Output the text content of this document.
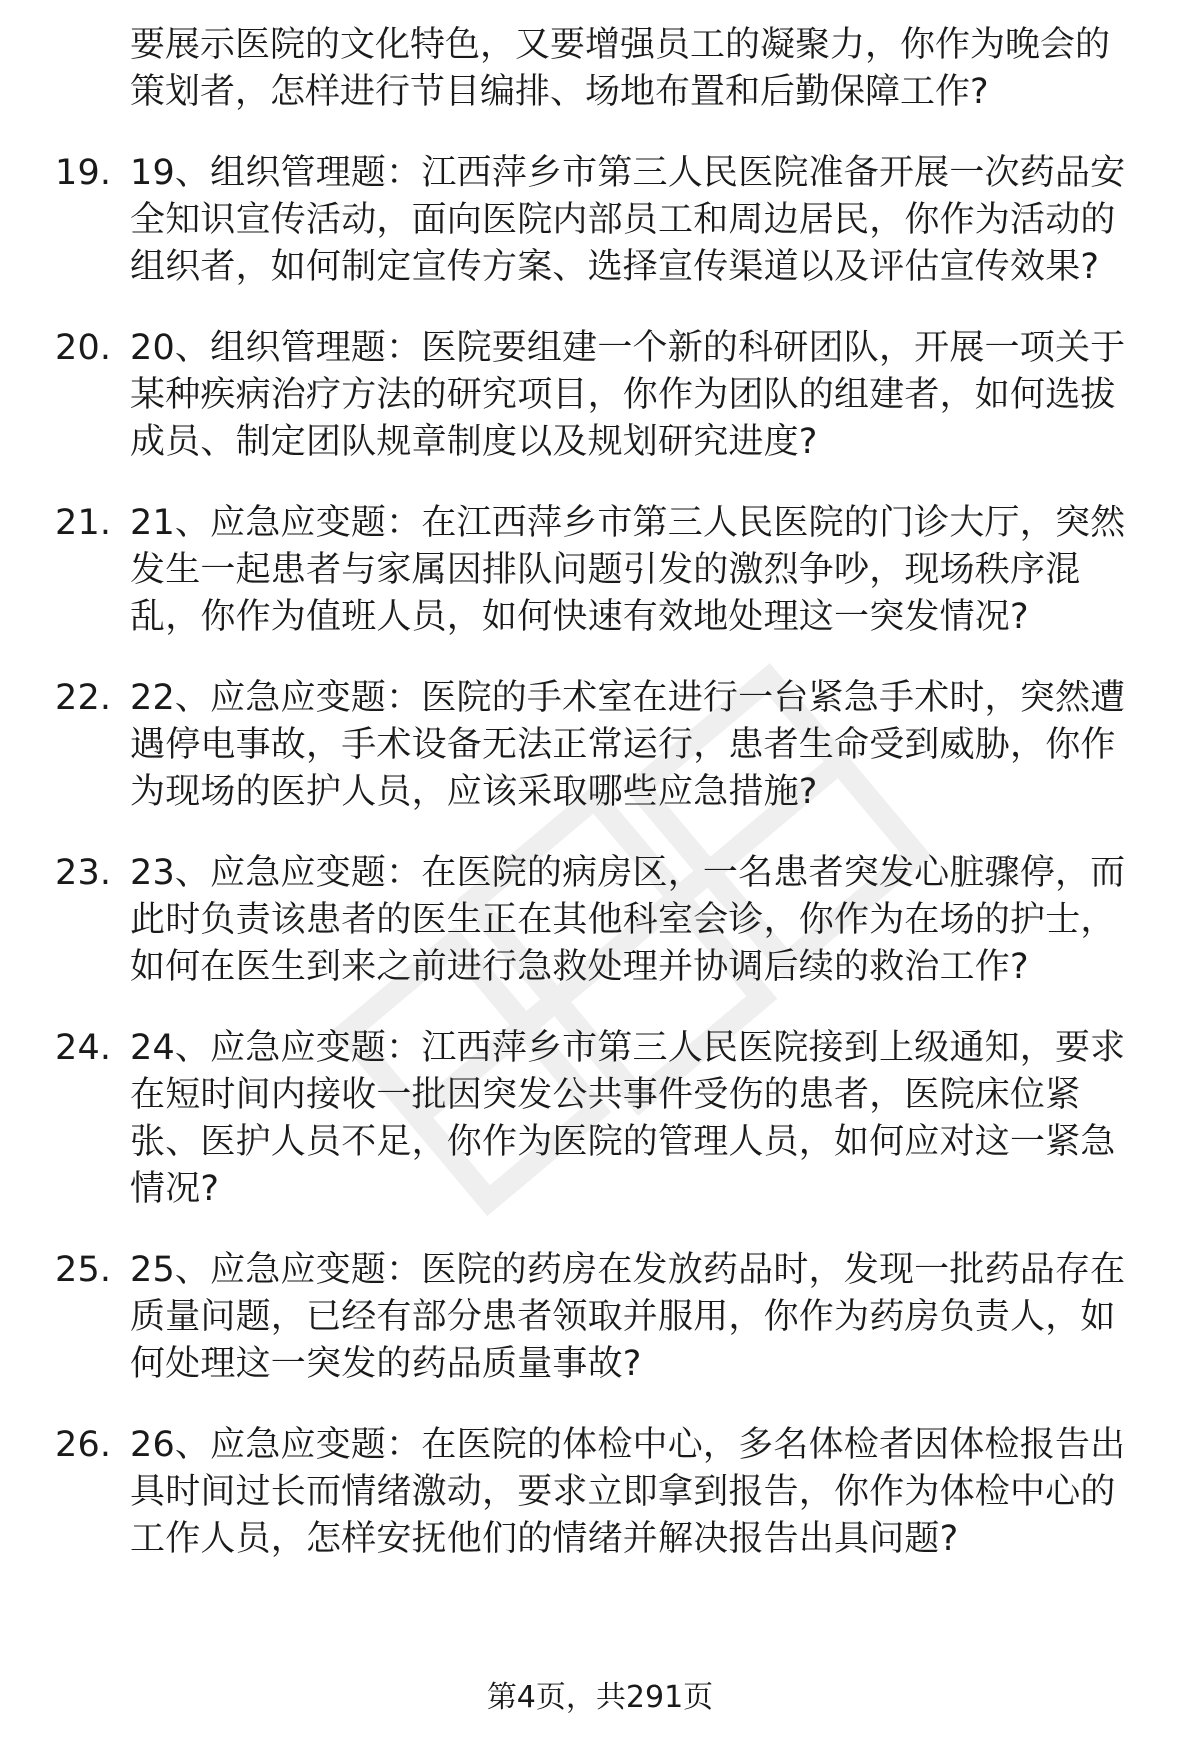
要展示医院的文化特色，又要增强员工的凝聚力，你作为晚会的策划者，怎样进行节目编排、场地布置和后勤保障工作?
19. 19、组织管理题：江西萍乡市第三人民医院准备开展一次药品安全知识宣传活动，面向医院内部员工和周边居民，你作为活动的组织者，如何制定宣传方案、选择宣传渠道以及评估宣传效果?
20. 20、组织管理题：医院要组建一个新的科研团队，开展一项关于某种疾病治疗方法的研究项目，你作为团队的组建者，如何选拔成员、制定团队规章制度以及规划研究进度?
21. 21、应急应变题：在江西萍乡市第三人民医院的门诊大厅，突然发生一起患者与家属因排队问题引发的激烈争吵，现场秩序混乱，你作为值班人员，如何快速有效地处理这一突发情况?
22. 22、应急应变题：医院的手术室在进行一台紧急手术时，突然遭遇停电事故，手术设备无法正常运行，患者生命受到威胁，你作为现场的医护人员，应该采取哪些应急措施?
23. 23、应急应变题：在医院的病房区，一名患者突发心脏骤停，而此时负责该患者的医生正在其他科室会诊，你作为在场的护士，如何在医生到来之前进行急救处理并协调后续的救治工作?
24. 24、应急应变题：江西萍乡市第三人民医院接到上级通知，要求在短时间内接收一批因突发公共事件受伤的患者，医院床位紧张、医护人员不足，你作为医院的管理人员，如何应对这一紧急情况?
25. 25、应急应变题：医院的药房在发放药品时，发现一批药品存在质量问题，已经有部分患者领取并服用，你作为药房负责人，如何处理这一突发的药品质量事故?
26. 26、应急应变题：在医院的体检中心，多名体检者因体检报告出具时间过长而情绪激动，要求立即拿到报告，你作为体检中心的工作人员，怎样安抚他们的情绪并解决报告出具问题?
第4页，共291页
